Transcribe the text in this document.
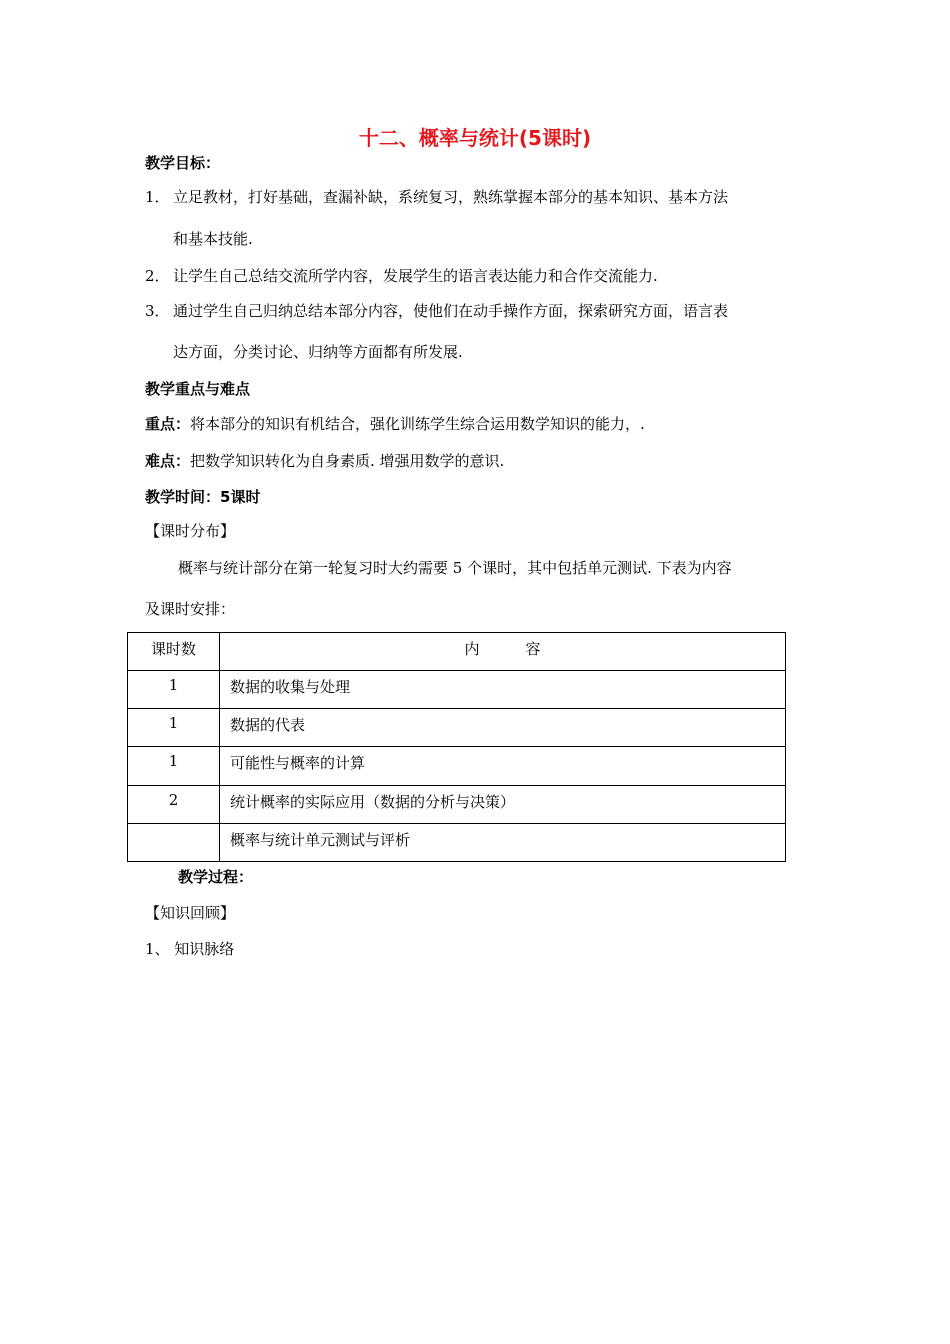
十二、概率与统计(5课时)
教学目标：
1． 立足教材，打好基础，查漏补缺，系统复习，熟练掌握本部分的基本知识、基本方法
和基本技能.
2． 让学生自己总结交流所学内容，发展学生的语言表达能力和合作交流能力.
3． 通过学生自己归纳总结本部分内容，使他们在动手操作方面，探索研究方面，语言表
达方面，分类讨论、归纳等方面都有所发展.
教学重点与难点
重点：将本部分的知识有机结合，强化训练学生综合运用数学知识的能力，.
难点：把数学知识转化为自身素质. 增强用数学的意识.
教学时间：5课时
【课时分布】
概率与统计部分在第一轮复习时大约需要 5 个课时，其中包括单元测试. 下表为内容
及课时安排：
课时数	内 容
1	数据的收集与处理
1	数据的代表
1	可能性与概率的计算
2	统计概率的实际应用（数据的分析与决策）
	概率与统计单元测试与评析
教学过程：
【知识回顾】
1、 知识脉络
